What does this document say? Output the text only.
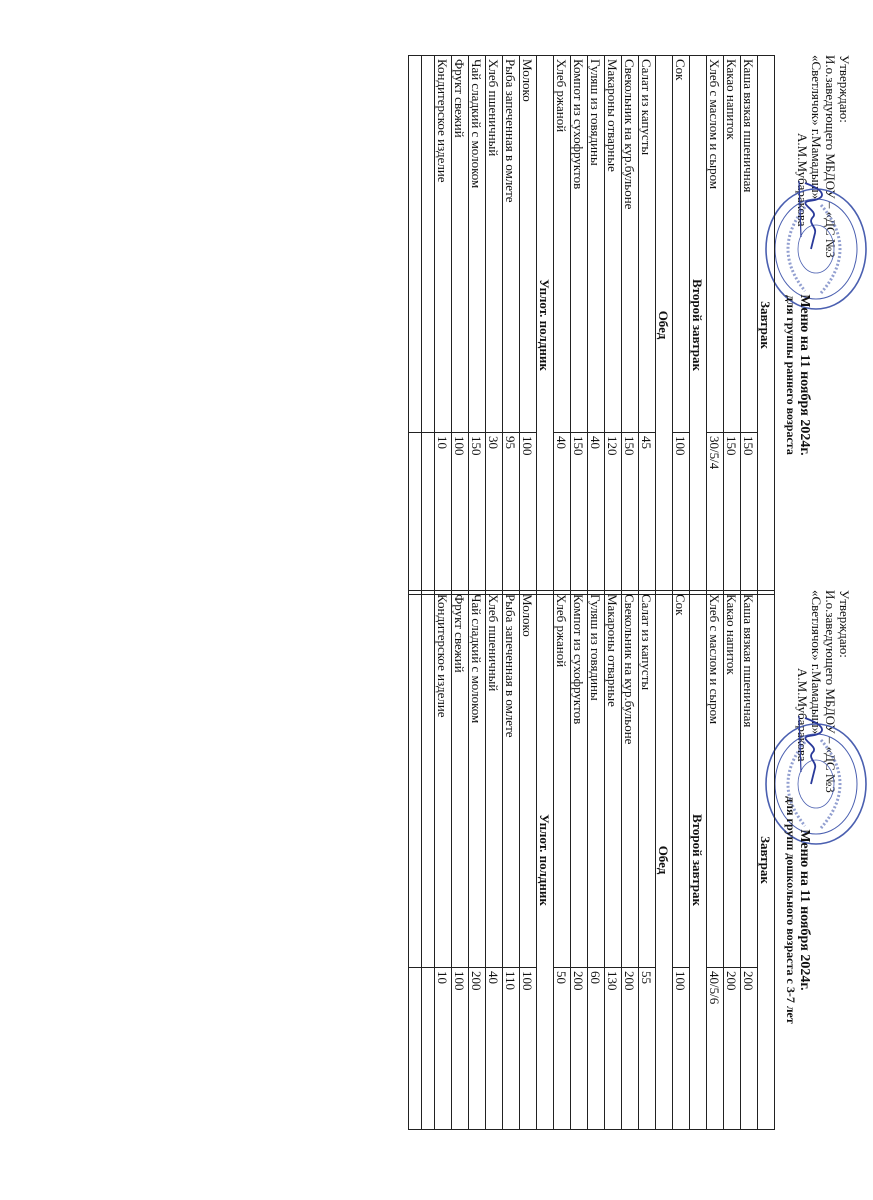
Утверждаю:
И.о.заведующего МБДОУ – «ДС №3
«Светлячок» г.Мамадыш»
А.М.Мубаракова
Меню на 11 ноября 2024г.
для группы раннего возраста
Завтрак	
Каша вязкая пшеничная	150
Какао напиток	150
Хлеб с маслом и сыром	30/5/4
Второй завтрак	
Сок	100
Обед	
Салат из капусты	45
Свекольник на кур.бульоне	150
Макароны отварные	120
Гуляш из говядины	40
Компот из сухофруктов	150
Хлеб ржаной	40
Уплот. полдник	
Молоко	100
Рыба запеченная в омлете	95
Хлеб пшеничный	30
Чай сладкий с молоком	150
Фрукт свежий	100
Кондитерское изделие	10

Утверждаю:
И.о.заведующего МБДОУ – «ДС №3
«Светлячок» г.Мамадыш»
А.М.Мубаракова
Меню на 11 ноября 2024г.
для групп дошкольного возраста с 3-7 лет
Завтрак	
Каша вязкая пшеничная	200
Какао напиток	200
Хлеб с маслом и сыром	40/5/6
Второй завтрак	
Сок	100
Обед	
Салат из капусты	55
Свекольник на кур.бульоне	200
Макароны отварные	130
Гуляш из говядины	60
Компот из сухофруктов	200
Хлеб ржаной	50
Уплот. полдник	
Молоко	100
Рыба запеченная в омлете	110
Хлеб пшеничный	40
Чай сладкий с молоком	200
Фрукт свежий	100
Кондитерское изделие	10
